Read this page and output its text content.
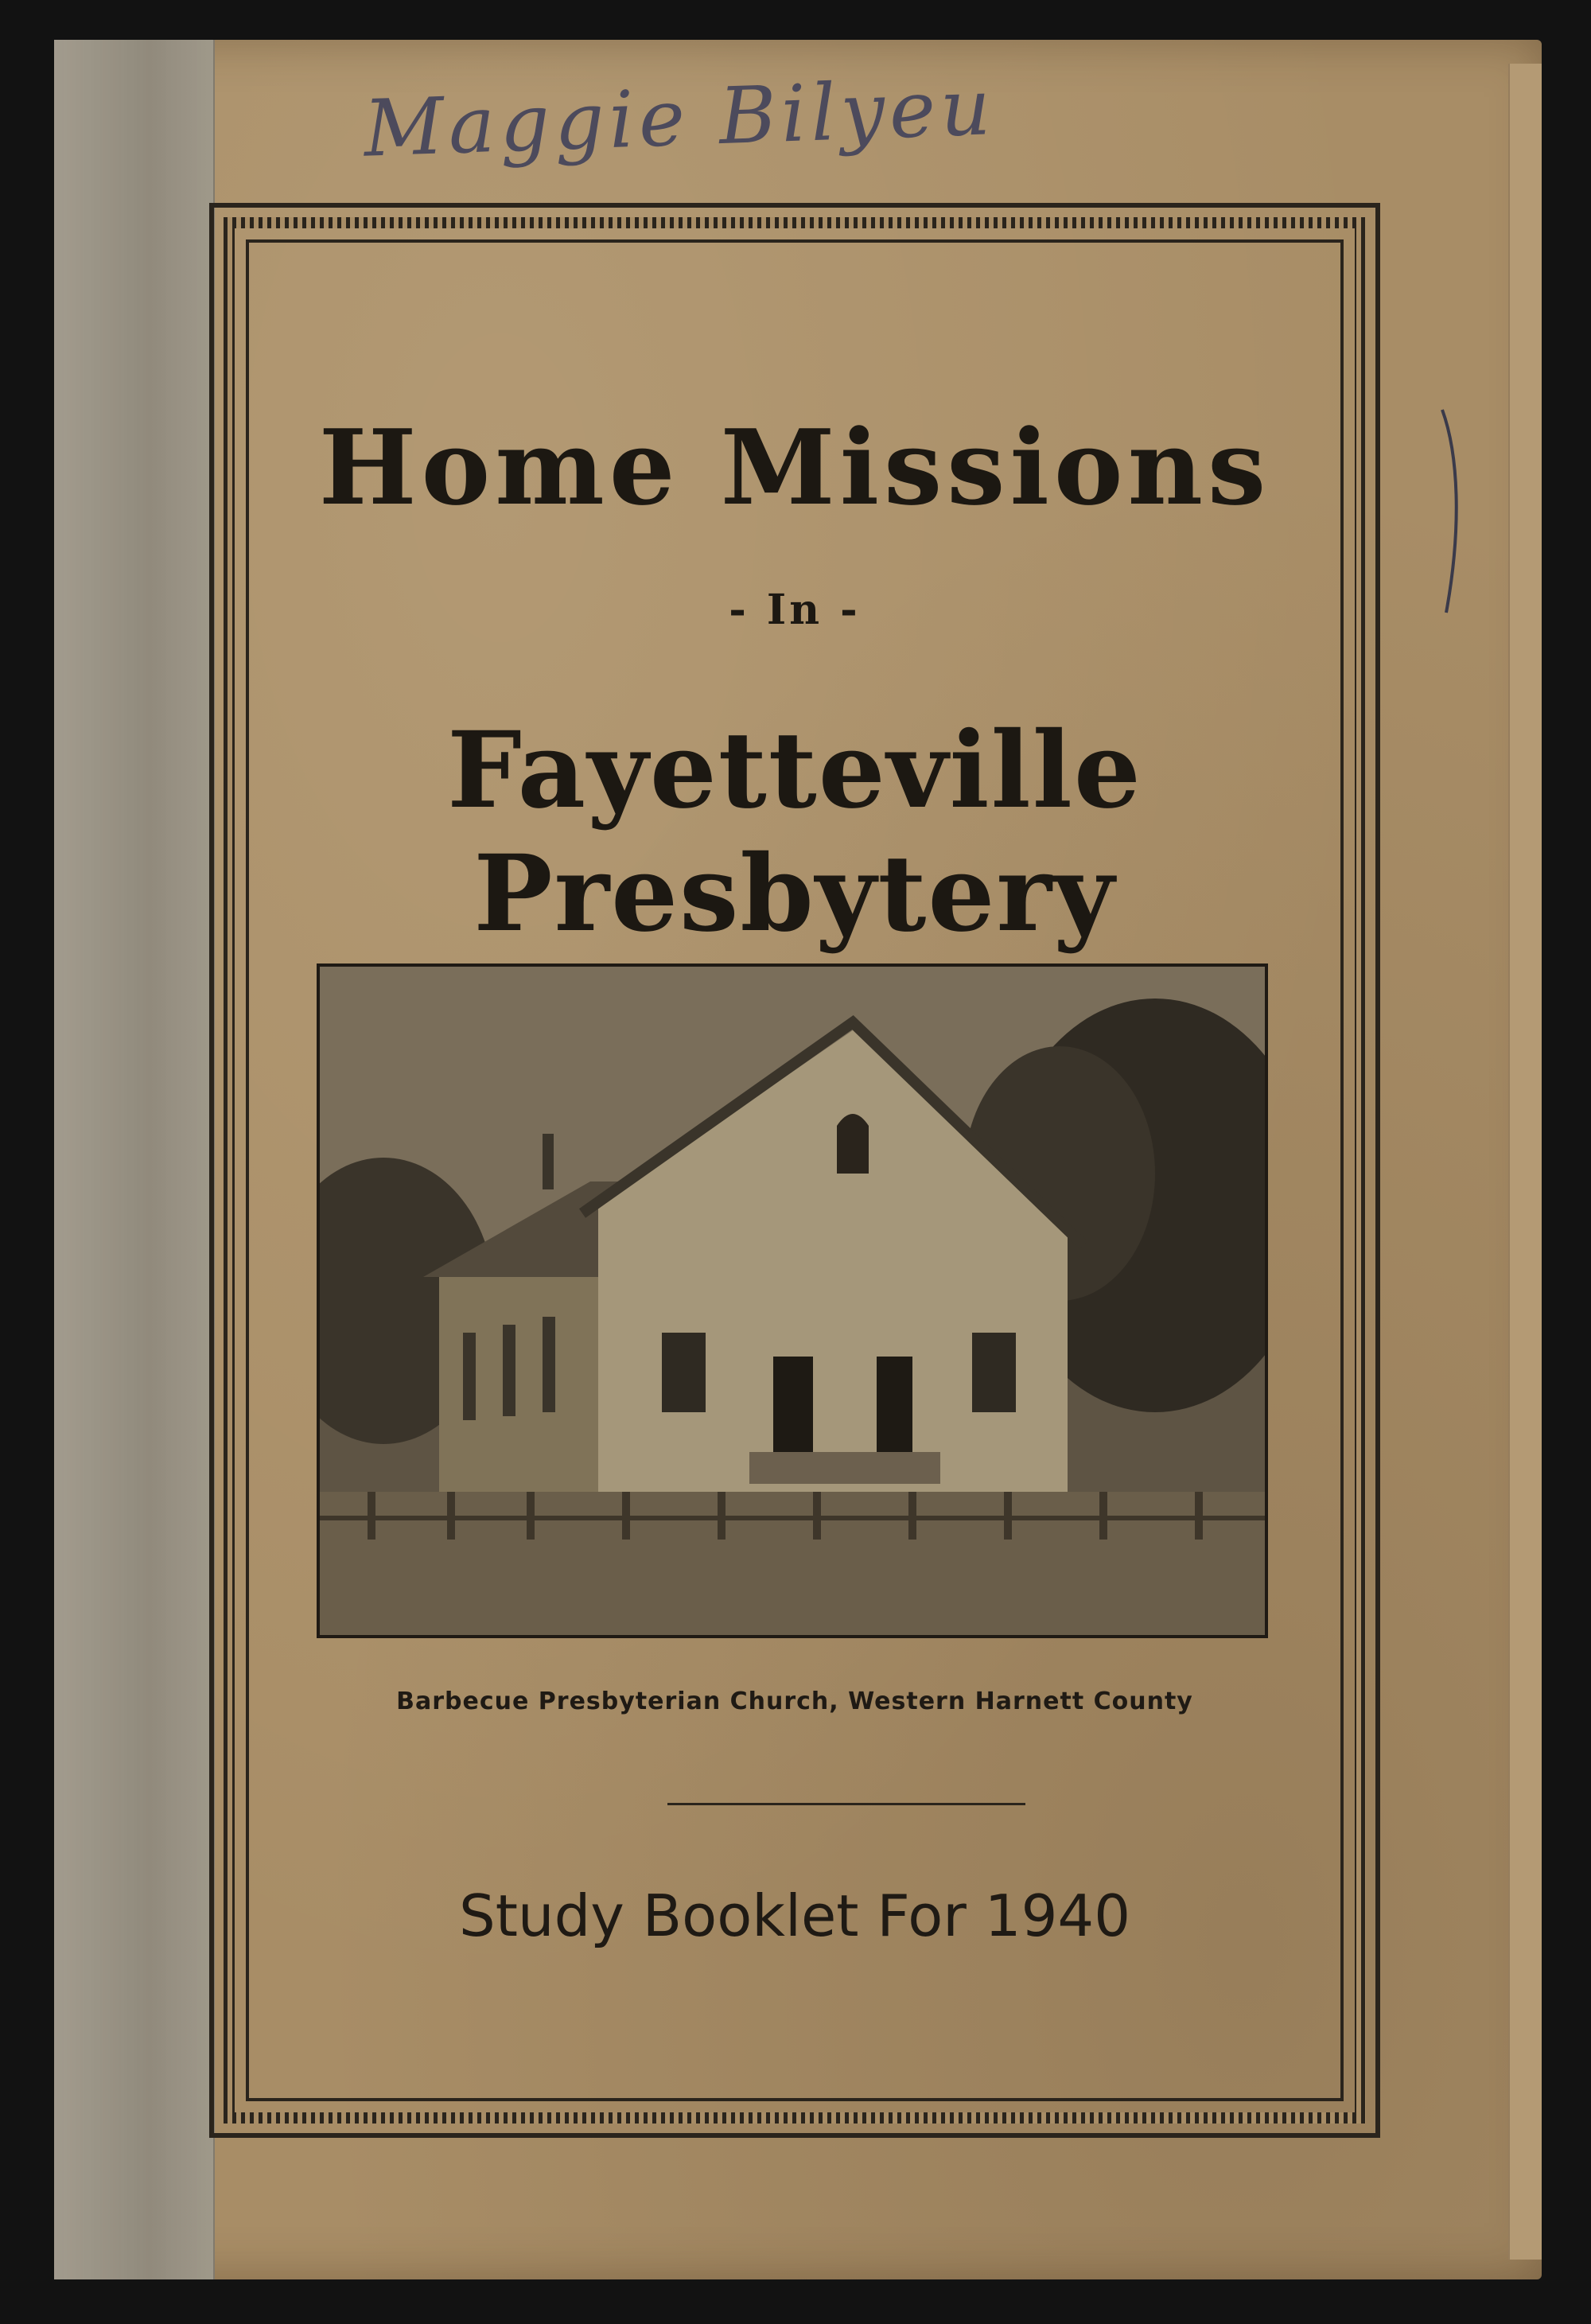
Maggie Bilyeu
Home Missions
- In -
Fayetteville Presbytery
Barbecue Presbyterian Church, Western Harnett County
Study Booklet For 1940
